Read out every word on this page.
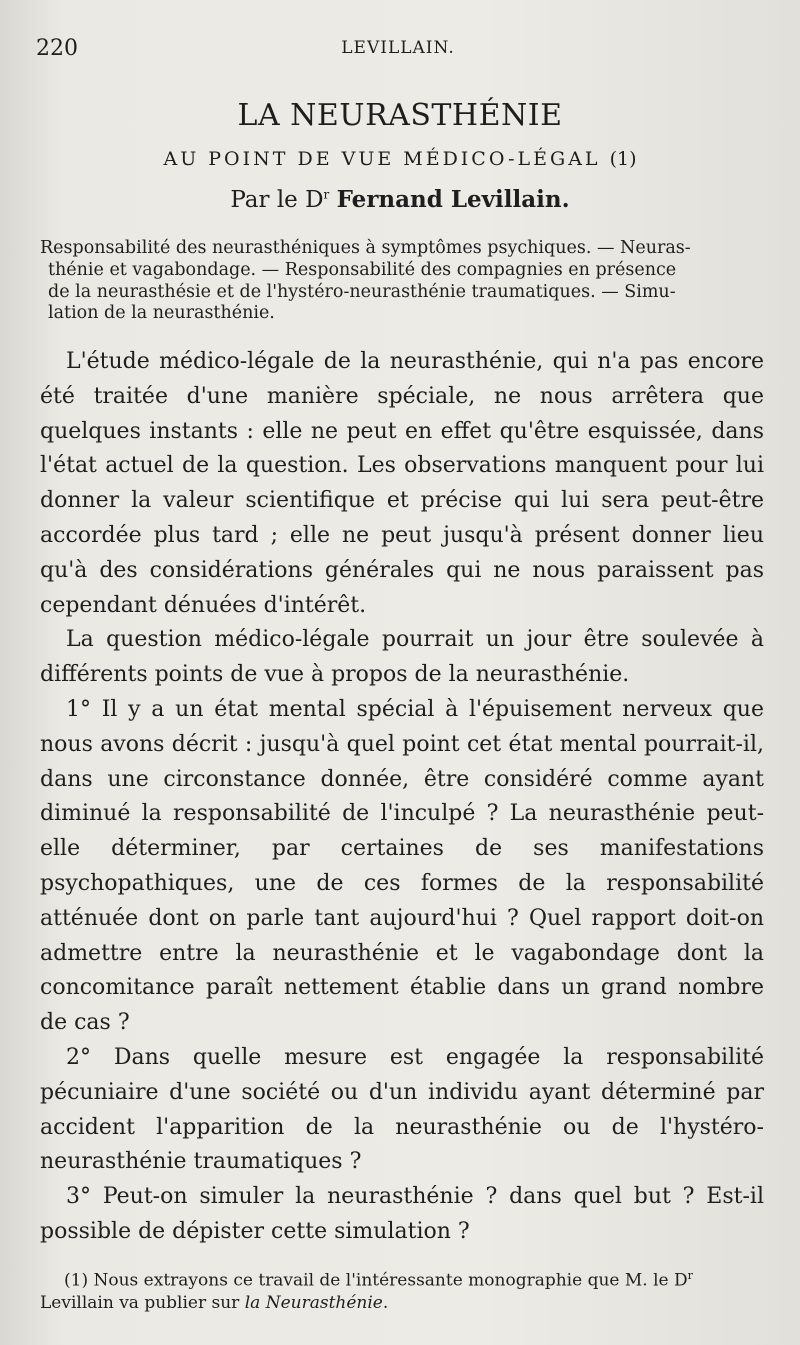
220	LEVILLAIN.
LA NEURASTHÉNIE
AU POINT DE VUE MÉDICO-LÉGAL (1)
Par le $D^r$ Fernand Levillain.
Responsabilité des neurasthéniques à symptômes psychiques. — Neuras-
thénie et vagabondage. — Responsabilité des compagnies en présence
de la neurasthésie et de l'hystéro-neurasthénie traumatiques. — Simu-
lation de la neurasthénie.

L'étude médico-légale de la neurasthénie, qui n'a pas encore été traitée d'une manière spéciale, ne nous arrêtera que quelques instants : elle ne peut en effet qu'être esquissée, dans l'état actuel de la question. Les observations manquent pour lui donner la valeur scientifique et précise qui lui sera peut-être accordée plus tard ; elle ne peut jusqu'à présent donner lieu qu'à des considérations générales qui ne nous paraissent pas cependant dénuées d'intérêt.

La question médico-légale pourrait un jour être soulevée à différents points de vue à propos de la neurasthénie.

1° Il y a un état mental spécial à l'épuisement nerveux que nous avons décrit : jusqu'à quel point cet état mental pourrait-il, dans une circonstance donnée, être considéré comme ayant diminué la responsabilité de l'inculpé ? La neurasthénie peut-elle déterminer, par certaines de ses manifestations psychopathiques, une de ces formes de la responsabilité atténuée dont on parle tant aujourd'hui ? Quel rapport doit-on admettre entre la neurasthénie et le vagabondage dont la concomitance paraît nettement établie dans un grand nombre de cas ?

2° Dans quelle mesure est engagée la responsabilité pécuniaire d'une société ou d'un individu ayant déterminé par accident l'apparition de la neurasthénie ou de l'hystéro-neurasthénie traumatiques ?

3° Peut-on simuler la neurasthénie ? dans quel but ? Est-il possible de dépister cette simulation ?

(1) Nous extrayons ce travail de l'intéressante monographie que M. le $D^r$
Levillain va publier sur la Neurasthénie.
